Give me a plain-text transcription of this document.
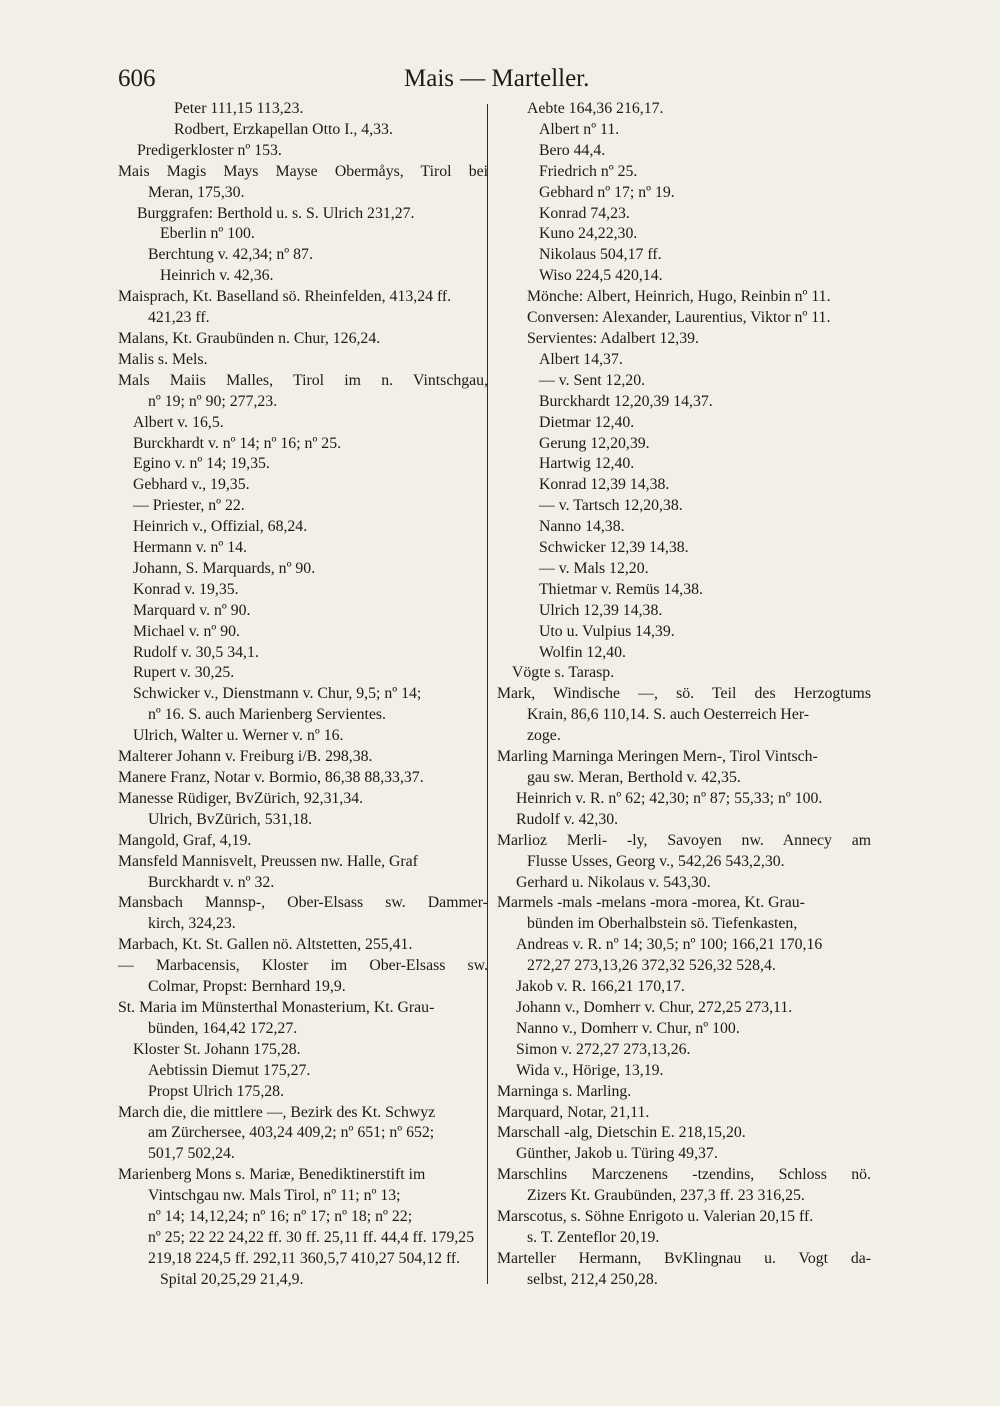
606	Mais — Marteller.
Peter 111,15 113,23.
Rodbert, Erzkapellan Otto I., 4,33.
Predigerkloster nº 153.
Mais Magis Mays Mayse Obermåys, Tirol bei
Meran, 175,30.
Burggrafen: Berthold u. s. S. Ulrich 231,27.
Eberlin nº 100.
Berchtung v. 42,34; nº 87.
Heinrich v. 42,36.
Maisprach, Kt. Baselland sö. Rheinfelden, 413,24 ff.
421,23 ff.
Malans, Kt. Graubünden n. Chur, 126,24.
Malis s. Mels.
Mals Maiis Malles, Tirol im n. Vintschgau,
nº 19; nº 90; 277,23.
Albert v. 16,5.
Burckhardt v. nº 14; nº 16; nº 25.
Egino v. nº 14; 19,35.
Gebhard v., 19,35.
— Priester, nº 22.
Heinrich v., Offizial, 68,24.
Hermann v. nº 14.
Johann, S. Marquards, nº 90.
Konrad v. 19,35.
Marquard v. nº 90.
Michael v. nº 90.
Rudolf v. 30,5 34,1.
Rupert v. 30,25.
Schwicker v., Dienstmann v. Chur, 9,5; nº 14;
nº 16. S. auch Marienberg Servientes.
Ulrich, Walter u. Werner v. nº 16.
Malterer Johann v. Freiburg i/B. 298,38.
Manere Franz, Notar v. Bormio, 86,38 88,33,37.
Manesse Rüdiger, BvZürich, 92,31,34.
Ulrich, BvZürich, 531,18.
Mangold, Graf, 4,19.
Mansfeld Mannisvelt, Preussen nw. Halle, Graf
Burckhardt v. nº 32.
Mansbach Mannsp-, Ober-Elsass sw. Dammer-
kirch, 324,23.
Marbach, Kt. St. Gallen nö. Altstetten, 255,41.
— Marbacensis, Kloster im Ober-Elsass sw.
Colmar, Propst: Bernhard 19,9.
St. Maria im Münsterthal Monasterium, Kt. Grau-
bünden, 164,42 172,27.
Kloster St. Johann 175,28.
Aebtissin Diemut 175,27.
Propst Ulrich 175,28.
March die, die mittlere —, Bezirk des Kt. Schwyz
am Zürchersee, 403,24 409,2; nº 651; nº 652;
501,7 502,24.
Marienberg Mons s. Mariæ, Benediktinerstift im
Vintschgau nw. Mals Tirol, nº 11; nº 13;
nº 14; 14,12,24; nº 16; nº 17; nº 18; nº 22;
nº 25; 22 22 24,22 ff. 30 ff. 25,11 ff. 44,4 ff. 179,25
219,18 224,5 ff. 292,11 360,5,7 410,27 504,12 ff.
Spital 20,25,29 21,4,9.
Aebte 164,36 216,17.
Albert nº 11.
Bero 44,4.
Friedrich nº 25.
Gebhard nº 17; nº 19.
Konrad 74,23.
Kuno 24,22,30.
Nikolaus 504,17 ff.
Wiso 224,5 420,14.
Mönche: Albert, Heinrich, Hugo, Reinbin nº 11.
Conversen: Alexander, Laurentius, Viktor nº 11.
Servientes: Adalbert 12,39.
Albert 14,37.
— v. Sent 12,20.
Burckhardt 12,20,39 14,37.
Dietmar 12,40.
Gerung 12,20,39.
Hartwig 12,40.
Konrad 12,39 14,38.
— v. Tartsch 12,20,38.
Nanno 14,38.
Schwicker 12,39 14,38.
— v. Mals 12,20.
Thietmar v. Remüs 14,38.
Ulrich 12,39 14,38.
Uto u. Vulpius 14,39.
Wolfin 12,40.
Vögte s. Tarasp.
Mark, Windische —, sö. Teil des Herzogtums
Krain, 86,6 110,14. S. auch Oesterreich Her-
zoge.
Marling Marninga Meringen Mern-, Tirol Vintsch-
gau sw. Meran, Berthold v. 42,35.
Heinrich v. R. nº 62; 42,30; nº 87; 55,33; nº 100.
Rudolf v. 42,30.
Marlioz Merli- -ly, Savoyen nw. Annecy am
Flusse Usses, Georg v., 542,26 543,2,30.
Gerhard u. Nikolaus v. 543,30.
Marmels -mals -melans -mora -morea, Kt. Grau-
bünden im Oberhalbstein sö. Tiefenkasten,
Andreas v. R. nº 14; 30,5; nº 100; 166,21 170,16
272,27 273,13,26 372,32 526,32 528,4.
Jakob v. R. 166,21 170,17.
Johann v., Domherr v. Chur, 272,25 273,11.
Nanno v., Domherr v. Chur, nº 100.
Simon v. 272,27 273,13,26.
Wida v., Hörige, 13,19.
Marninga s. Marling.
Marquard, Notar, 21,11.
Marschall -alg, Dietschin E. 218,15,20.
Günther, Jakob u. Türing 49,37.
Marschlins Marczenens -tzendins, Schloss nö.
Zizers Kt. Graubünden, 237,3 ff. 23 316,25.
Marscotus, s. Söhne Enrigoto u. Valerian 20,15 ff.
s. T. Zenteflor 20,19.
Marteller Hermann, BvKlingnau u. Vogt da-
selbst, 212,4 250,28.
